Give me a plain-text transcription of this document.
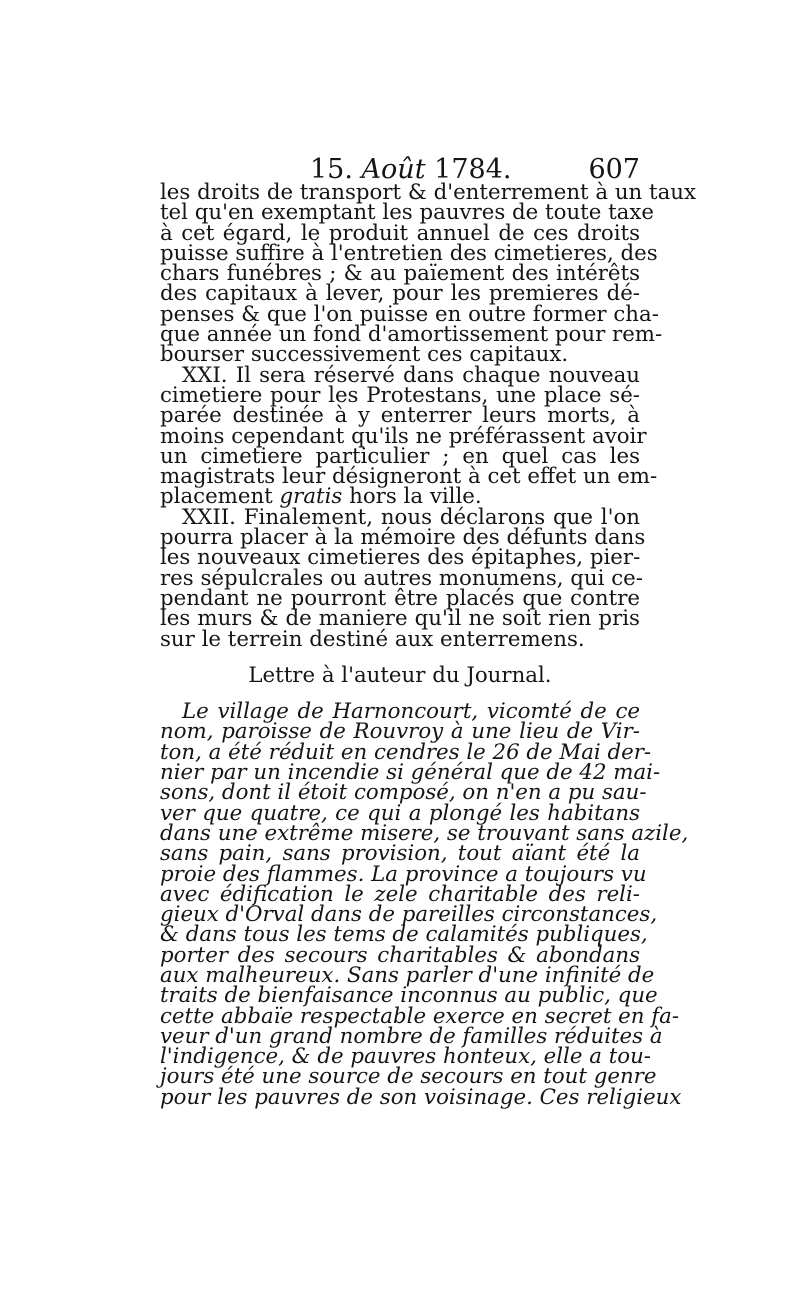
15. Août 1784.	607
les droits de transport & d'enterrement à un taux
tel qu'en exemptant les pauvres de toute taxe
à cet égard, le produit annuel de ces droits
puisse suffire à l'entretien des cimetieres, des
chars funébres ; & au païement des intérêts
des capitaux à lever, pour les premieres dé-
penses & que l'on puisse en outre former cha-
que année un fond d'amortissement pour rem-
bourser successivement ces capitaux.
XXI. Il sera réservé dans chaque nouveau
cimetiere pour les Protestans, une place sé-
parée destinée à y enterrer leurs morts, à
moins cependant qu'ils ne préférassent avoir
un cimetiere particulier ; en quel cas les
magistrats leur désigneront à cet effet un em-
placement gratis hors la ville.
XXII. Finalement, nous déclarons que l'on
pourra placer à la mémoire des défunts dans
les nouveaux cimetieres des épitaphes, pier-
res sépulcrales ou autres monumens, qui ce-
pendant ne pourront être placés que contre
les murs & de maniere qu'il ne soit rien pris
sur le terrein destiné aux enterremens.
Lettre à l'auteur du Journal.
Le village de Harnoncourt, vicomté de ce
nom, paroisse de Rouvroy à une lieu de Vir-
ton, a été réduit en cendres le 26 de Mai der-
nier par un incendie si général que de 42 mai-
sons, dont il étoit composé, on n'en a pu sau-
ver que quatre, ce qui a plongé les habitans
dans une extrême misere, se trouvant sans azile,
sans pain, sans provision, tout aïant été la
proie des flammes. La province a toujours vu
avec édification le zele charitable des reli-
gieux d'Orval dans de pareilles circonstances,
& dans tous les tems de calamités publiques,
porter des secours charitables & abondans
aux malheureux. Sans parler d'une infinité de
traits de bienfaisance inconnus au public, que
cette abbaïe respectable exerce en secret en fa-
veur d'un grand nombre de familles réduites à
l'indigence, & de pauvres honteux, elle a tou-
jours été une source de secours en tout genre
pour les pauvres de son voisinage. Ces religieux
